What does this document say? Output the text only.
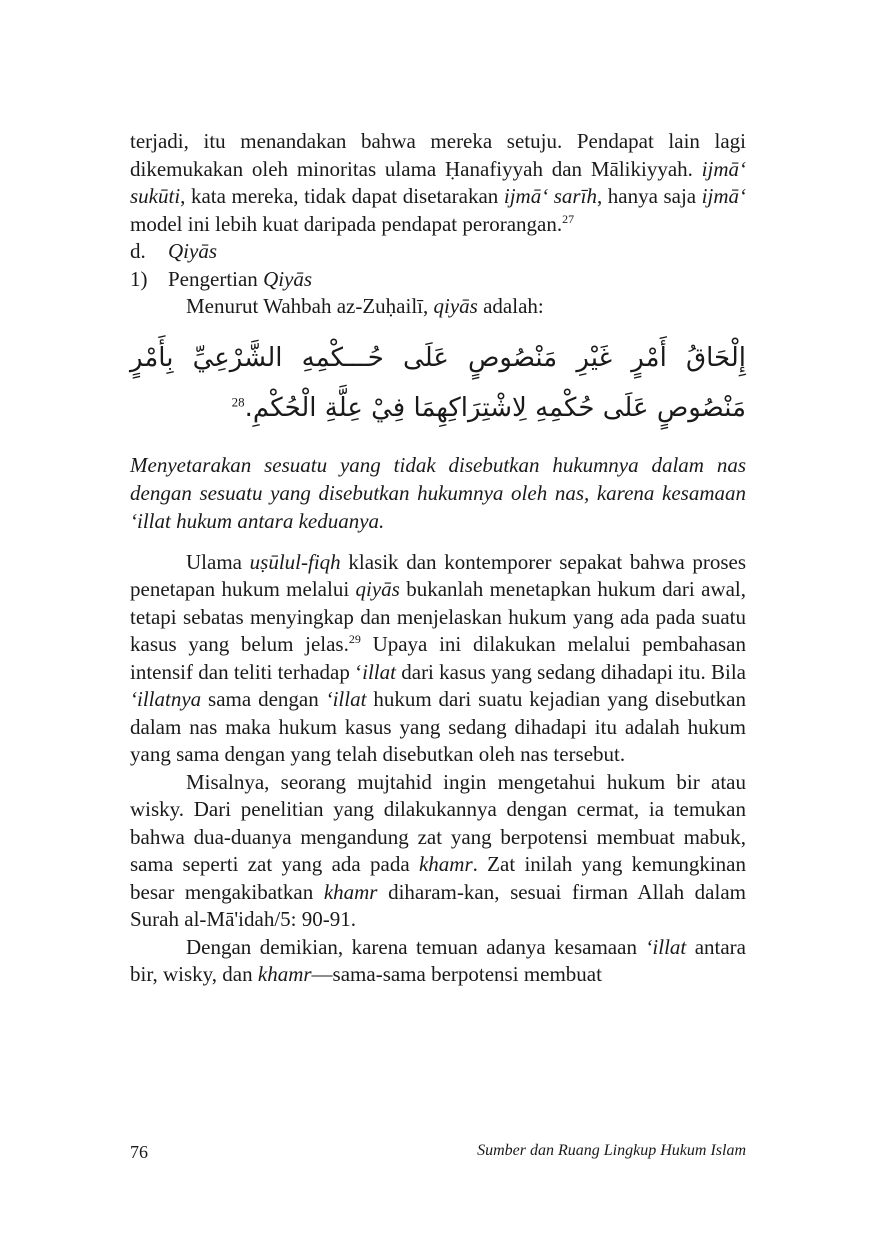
terjadi, itu menandakan bahwa mereka setuju. Pendapat lain lagi dikemukakan oleh minoritas ulama Ḥanafiyyah dan Mālikiyyah. ijmā‘ sukūti, kata mereka, tidak dapat disetarakan ijmā‘ sarīh, hanya saja ijmā‘ model ini lebih kuat daripada pendapat perorangan.$^{27}$

d. Qiyās

1) Pengertian Qiyās

Menurut Wahbah az-Zuḥailī, qiyās adalah:

إِلْحَاقُ أَمْرٍ غَيْرِ مَنْصُوصٍ عَلَى حُـــكْمِهِ الشَّرْعِيِّ بِأَمْرٍ مَنْصُوصٍ عَلَى حُكْمِهِ لِاشْتِرَاكِهِمَا فِيْ عِلَّةِ الْحُكْمِ.$^{28}$

Menyetarakan sesuatu yang tidak disebutkan hukumnya dalam nas dengan sesuatu yang disebutkan hukumnya oleh nas, karena kesamaan ‘illat hukum antara keduanya.

Ulama uṣūlul-fiqh klasik dan kontemporer sepakat bahwa proses penetapan hukum melalui qiyās bukanlah menetapkan hukum dari awal, tetapi sebatas menyingkap dan menjelaskan hukum yang ada pada suatu kasus yang belum jelas.$^{29}$ Upaya ini dilakukan melalui pembahasan intensif dan teliti terhadap ‘illat dari kasus yang sedang dihadapi itu. Bila ‘illatnya sama dengan ‘illat hukum dari suatu kejadian yang disebutkan dalam nas maka hukum kasus yang sedang dihadapi itu adalah hukum yang sama dengan yang telah disebutkan oleh nas tersebut.

Misalnya, seorang mujtahid ingin mengetahui hukum bir atau wisky. Dari penelitian yang dilakukannya dengan cermat, ia temukan bahwa dua-duanya mengandung zat yang berpotensi membuat mabuk, sama seperti zat yang ada pada khamr. Zat inilah yang kemungkinan besar mengakibatkan khamr diharam-kan, sesuai firman Allah dalam Surah al-Mā'idah/5: 90-91.

Dengan demikian, karena temuan adanya kesamaan ‘illat antara bir, wisky, dan khamr—sama-sama berpotensi membuat

76	Sumber dan Ruang Lingkup Hukum Islam
